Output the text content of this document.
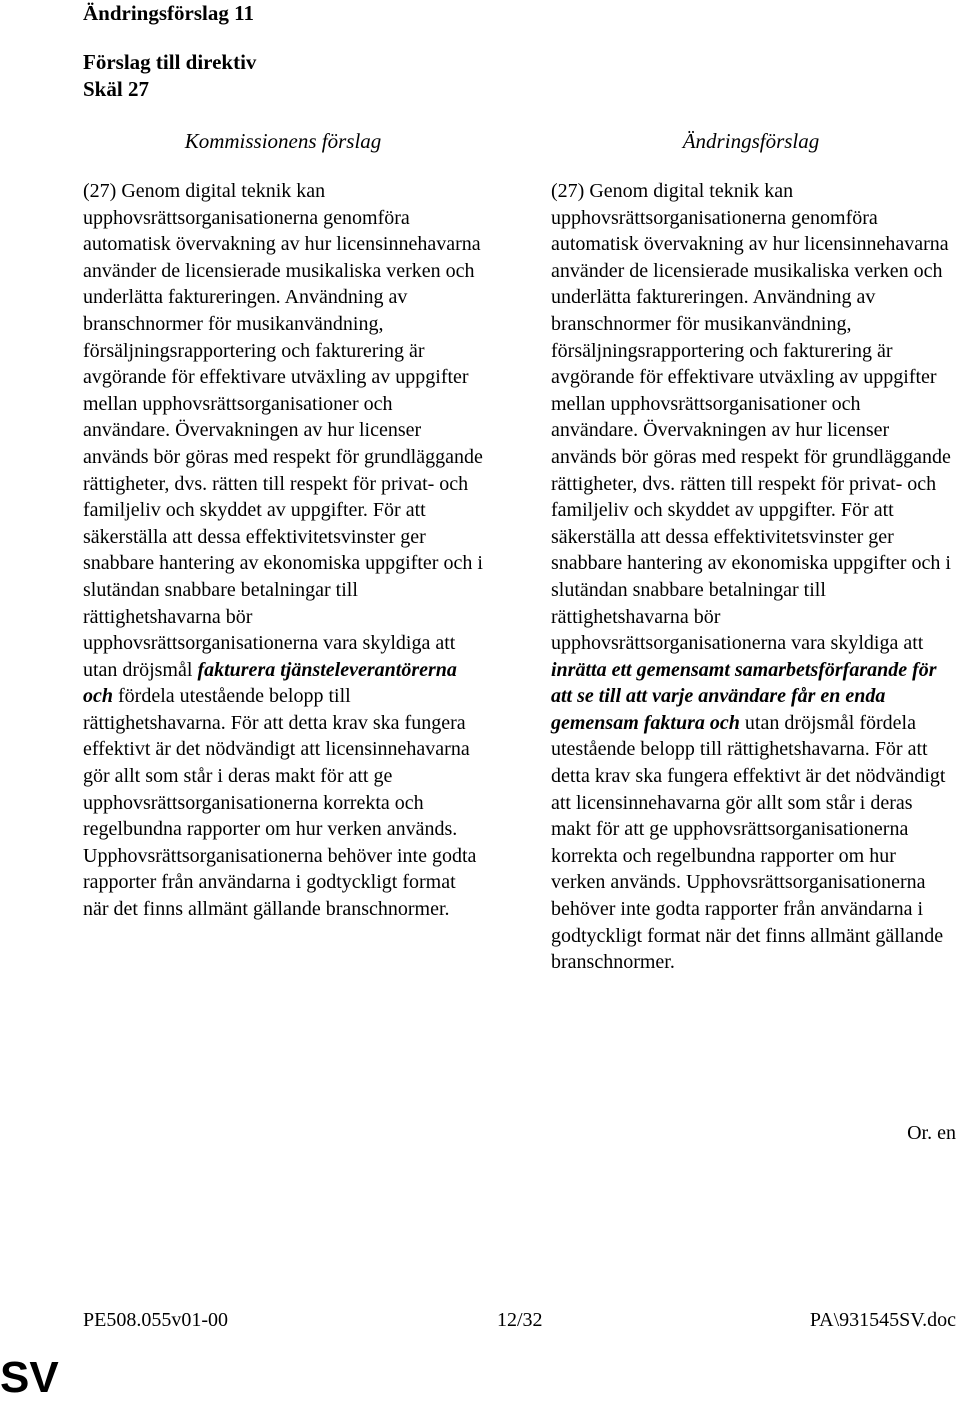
Ändringsförslag 11
Förslag till direktiv
Skäl 27
Kommissionens förslag	Ändringsförslag

(27) Genom digital teknik kan upphovsrättsorganisationerna genomföra automatisk övervakning av hur licensinnehavarna använder de licensierade musikaliska verken och underlätta faktureringen. Användning av branschnormer för musikanvändning, försäljningsrapportering och fakturering är avgörande för effektivare utväxling av uppgifter mellan upphovsrättsorganisationer och användare. Övervakningen av hur licenser används bör göras med respekt för grundläggande rättigheter, dvs. rätten till respekt för privat- och familjeliv och skyddet av uppgifter. För att säkerställa att dessa effektivitetsvinster ger snabbare hantering av ekonomiska uppgifter och i slutändan snabbare betalningar till rättighetshavarna bör upphovsrättsorganisationerna vara skyldiga att utan dröjsmål fakturera tjänsteleverantörerna och fördela utestående belopp till rättighetshavarna. För att detta krav ska fungera effektivt är det nödvändigt att licensinnehavarna gör allt som står i deras makt för att ge upphovsrättsorganisationerna korrekta och regelbundna rapporter om hur verken används. Upphovsrättsorganisationerna behöver inte godta rapporter från användarna i godtyckligt format när det finns allmänt gällande branschnormer.

(27) Genom digital teknik kan upphovsrättsorganisationerna genomföra automatisk övervakning av hur licensinnehavarna använder de licensierade musikaliska verken och underlätta faktureringen. Användning av branschnormer för musikanvändning, försäljningsrapportering och fakturering är avgörande för effektivare utväxling av uppgifter mellan upphovsrättsorganisationer och användare. Övervakningen av hur licenser används bör göras med respekt för grundläggande rättigheter, dvs. rätten till respekt för privat- och familjeliv och skyddet av uppgifter. För att säkerställa att dessa effektivitetsvinster ger snabbare hantering av ekonomiska uppgifter och i slutändan snabbare betalningar till rättighetshavarna bör upphovsrättsorganisationerna vara skyldiga att inrätta ett gemensamt samarbetsförfarande för att se till att varje användare får en enda gemensam faktura och utan dröjsmål fördela utestående belopp till rättighetshavarna. För att detta krav ska fungera effektivt är det nödvändigt att licensinnehavarna gör allt som står i deras makt för att ge upphovsrättsorganisationerna korrekta och regelbundna rapporter om hur verken används. Upphovsrättsorganisationerna behöver inte godta rapporter från användarna i godtyckligt format när det finns allmänt gällande branschnormer.

Or. en
PE508.055v01-00	12/32	PA\931545SV.doc
SV
